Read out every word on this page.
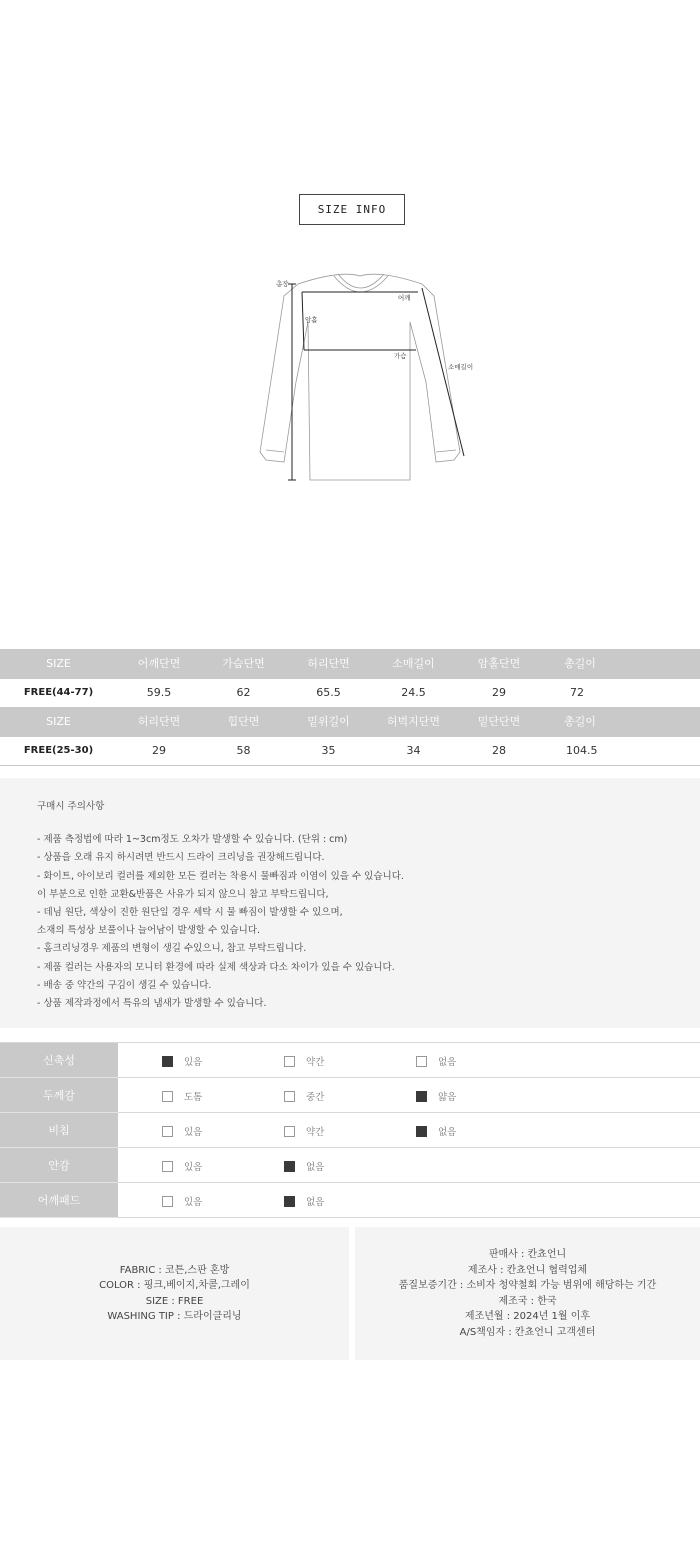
SIZE INFO
총장
어깨
암홀
가슴
소매길이
SIZE	어깨단면	가슴단면	허리단면	소매길이	암홀단면	총길이
FREE(44-77)	59.5	62	65.5	24.5	29	72
SIZE	허리단면	힙단면	밑위길이	허벅지단면	밑단단면	총길이
FREE(25-30)	29	58	35	34	28	104.5
구매시 주의사항
- 제품 측정법에 따라 1~3cm정도 오차가 발생할 수 있습니다. (단위 : cm)
- 상품을 오래 유지 하시려면 반드시 드라이 크리닝을 권장해드립니다.
- 화이트, 아이보리 컬러를 제외한 모든 컬러는 착용시 물빠짐과 이염이 있을 수 있습니다.
이 부분으로 인한 교환&반품은 사유가 되지 않으니 참고 부탁드립니다,
- 데님 원단, 색상이 진한 원단일 경우 세탁 시 물 빠짐이 발생할 수 있으며,
소재의 특성상 보풀이나 늘어남이 발생할 수 있습니다.
- 홈크리닝경우 제품의 변형이 생길 수있으니, 참고 부탁드립니다.
- 제품 컬러는 사용자의 모니터 환경에 따라 실제 색상과 다소 차이가 있을 수 있습니다.
- 배송 중 약간의 구김이 생길 수 있습니다.
- 상품 제작과정에서 특유의 냄새가 발생할 수 있습니다.
신축성	있음 약간 없음

두께감	도톰 중간 얇음

비침	있음 약간 없음

안감	있음 없음

어깨패드	있음 없음
FABRIC : 코튼,스판 혼방
COLOR : 핑크,베이지,차콜,그레이
SIZE : FREE
WASHING TIP : 드라이클리닝
판매사 : 칸쵸언니
제조사 : 칸쵸언니 협력업체
품질보증기간 : 소비자 청약철회 가능 범위에 해당하는 기간
제조국 : 한국
제조년월 : 2024년 1월 이후
A/S책임자 : 칸쵸언니 고객센터
